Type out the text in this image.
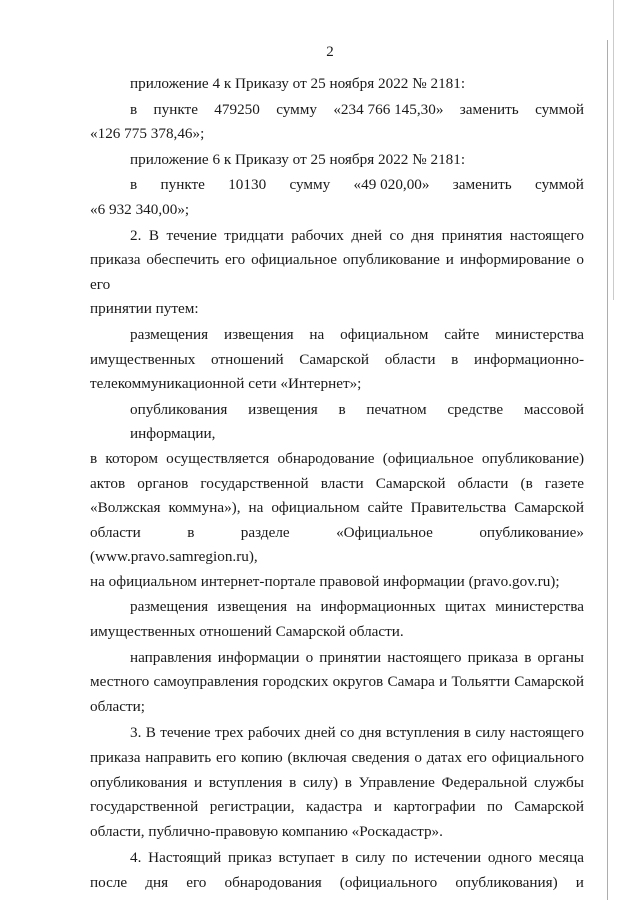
2
приложение 4 к Приказу от 25 ноября 2022 № 2181:
в пункте 479250 сумму «234 766 145,30» заменить суммой
«126 775 378,46»;
приложение 6 к Приказу от 25 ноября 2022 № 2181:
в пункте 10130 сумму «49 020,00» заменить суммой
«6 932 340,00»;
2. В течение тридцати рабочих дней со дня принятия настоящего
приказа обеспечить его официальное опубликование и информирование о его
принятии путем:
размещения извещения на официальном сайте министерства
имущественных отношений Самарской области в информационно-
телекоммуникационной сети «Интернет»;
опубликования извещения в печатном средстве массовой информации,
в котором осуществляется обнародование (официальное опубликование)
актов органов государственной власти Самарской области (в газете
«Волжская коммуна»), на официальном сайте Правительства Самарской
области в разделе «Официальное опубликование» (www.pravo.samregion.ru),
на официальном интернет-портале правовой информации (pravo.gov.ru);
размещения извещения на информационных щитах министерства
имущественных отношений Самарской области.
направления информации о принятии настоящего приказа в органы
местного самоуправления городских округов Самара и Тольятти Самарской
области;
3. В течение трех рабочих дней со дня вступления в силу настоящего
приказа направить его копию (включая сведения о датах его официального
опубликования и вступления в силу) в Управление Федеральной службы
государственной регистрации, кадастра и картографии по Самарской
области, публично-правовую компанию «Роскадастр».
4. Настоящий приказ вступает в силу по истечении одного месяца
после дня его обнародования (официального опубликования) и
